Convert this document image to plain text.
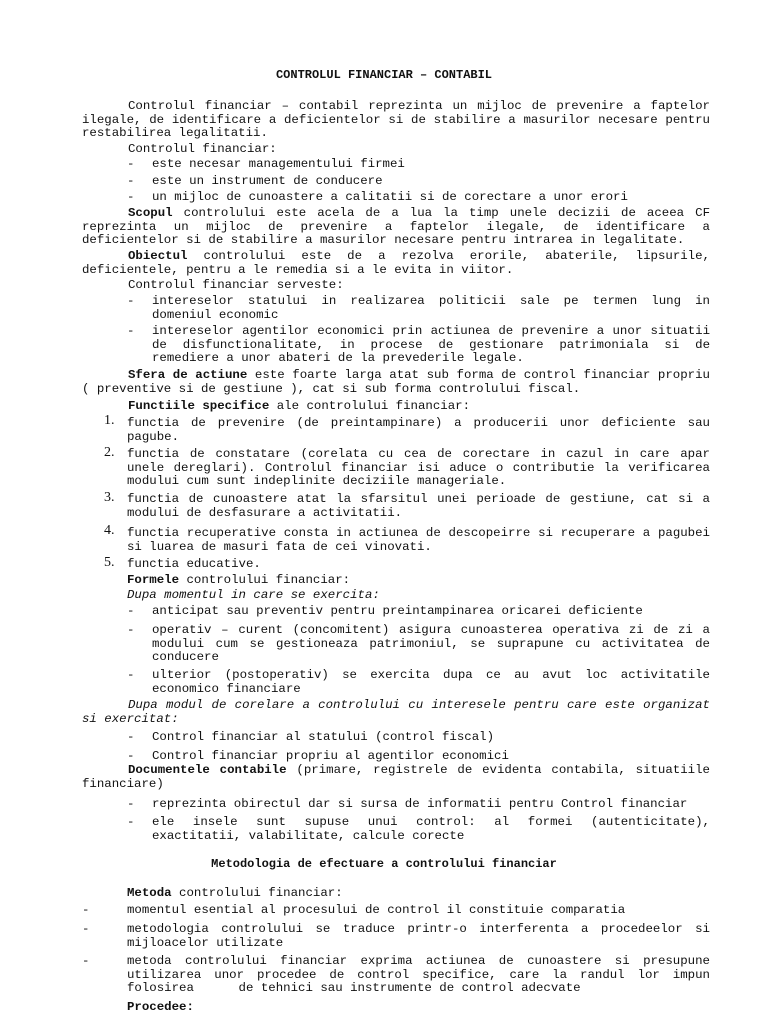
CONTROLUL FINANCIAR – CONTABIL
Controlul financiar – contabil reprezinta un mijloc de prevenire a faptelor ilegale, de identificare a deficientelor si de stabilire a masurilor necesare pentru restabilirea legalitatii.
Controlul financiar:
- este necesar managementului firmei
- este un instrument de conducere
- un mijloc de cunoastere a calitatii si de corectare a unor erori
Scopul controlului este acela de a lua la timp unele decizii de aceea CF reprezinta un mijloc de prevenire a faptelor ilegale, de identificare a deficientelor si de stabilire a masurilor necesare pentru intrarea in legalitate.
Obiectul controlului este de a rezolva erorile, abaterile, lipsurile, deficientele, pentru a le remedia si a le evita in viitor.
Controlul financiar serveste:
- intereselor statului in realizarea politicii sale pe termen lung in domeniul economic
- intereselor agentilor economici prin actiunea de prevenire a unor situatii de disfunctionalitate, in procese de gestionare patrimoniala si de remediere a unor abateri de la prevederile legale.
Sfera de actiune este foarte larga atat sub forma de control financiar propriu ( preventive si de gestiune ), cat si sub forma controlului fiscal.
Functiile specifice ale controlului financiar:
1. functia de prevenire (de preintampinare) a producerii unor deficiente sau pagube.
2. functia de constatare (corelata cu cea de corectare in cazul in care apar unele dereglari). Controlul financiar isi aduce o contributie la verificarea modului cum sunt indeplinite deciziile manageriale.
3. functia de cunoastere atat la sfarsitul unei perioade de gestiune, cat si a modului de desfasurare a activitatii.
4. functia recuperative consta in actiunea de descopeirre si recuperare a pagubei si luarea de masuri fata de cei vinovati.
5. functia educative.
Formele controlului financiar:
Dupa momentul in care se exercita:
- anticipat sau preventiv pentru preintampinarea oricarei deficiente
- operativ – curent (concomitent) asigura cunoasterea operativa zi de zi a modului cum se gestioneaza patrimoniul, se suprapune cu activitatea de conducere
- ulterior (postoperativ) se exercita dupa ce au avut loc activitatile economico financiare
Dupa modul de corelare a controlului cu interesele pentru care este organizat si exercitat:
- Control financiar al statului (control fiscal)
- Control financiar propriu al agentilor economici
Documentele contabile (primare, registrele de evidenta contabila, situatiile financiare)
- reprezinta obirectul dar si sursa de informatii pentru Control financiar
- ele insele sunt supuse unui control: al formei (autenticitate), exactitatii, valabilitate, calcule corecte
Metodologia de efectuare a controlului financiar
Metoda controlului financiar:
-	momentul esential al procesului de control il constituie comparatia
-	metodologia controlului se traduce printr-o interferenta a procedeelor si mijloacelor utilizate
-	metoda controlului financiar exprima actiunea de cunoastere si presupune utilizarea unor procedee de control specifice, care la randul lor impun folosirea      de tehnici sau instrumente de control adecvate
Procedee:
